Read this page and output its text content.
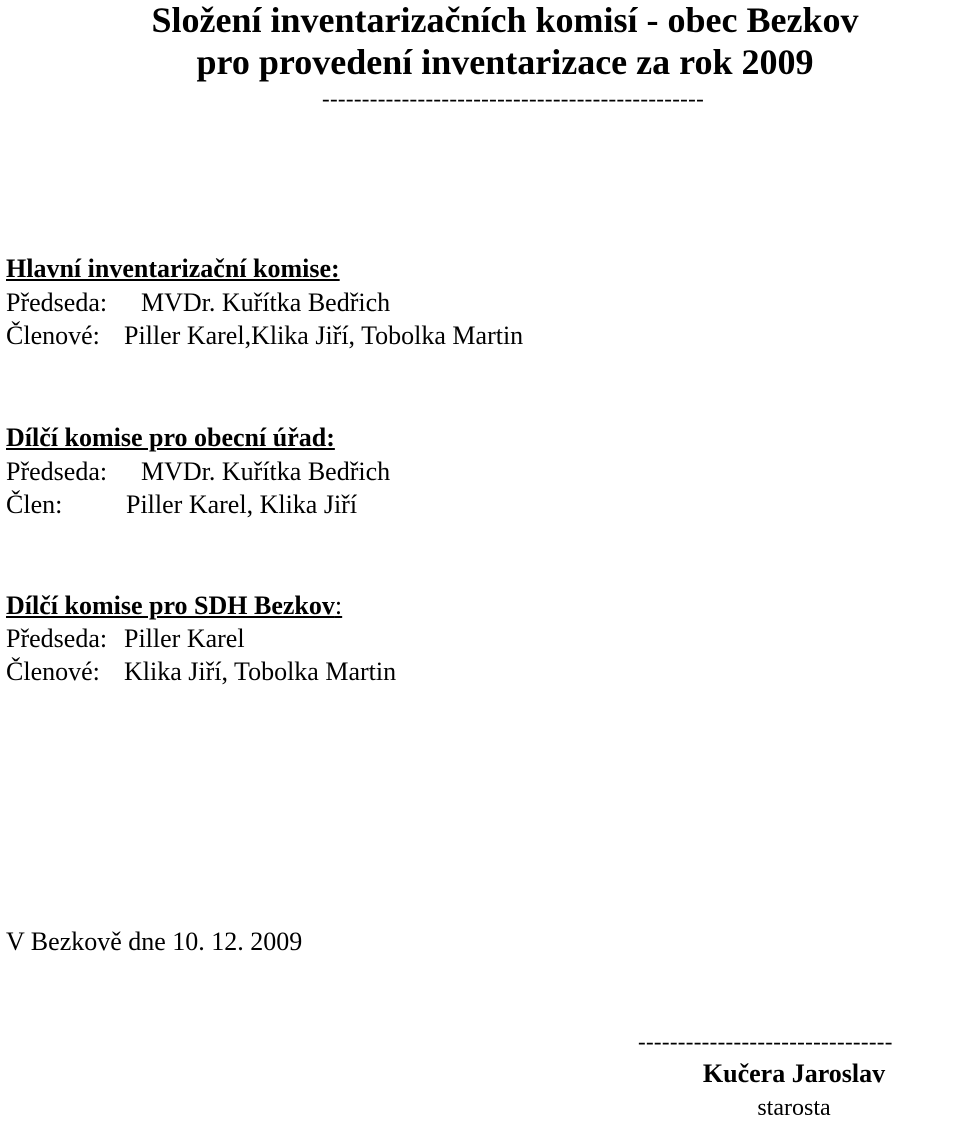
Složení inventarizačních komisí - obec Bezkov
pro provedení inventarizace za rok 2009
------------------------------------------------
Hlavní inventarizační komise:
Předseda: MVDr. Kuřítka Bedřich
Členové: Piller Karel,Klika Jiří, Tobolka Martin
Dílčí komise pro obecní úřad:
Předseda: MVDr. Kuřítka Bedřich
Člen: Piller Karel, Klika Jiří
Dílčí komise pro SDH Bezkov:
Předseda: Piller Karel
Členové: Klika Jiří, Tobolka Martin
V Bezkově dne 10. 12. 2009
--------------------------------
Kučera Jaroslav
starosta
